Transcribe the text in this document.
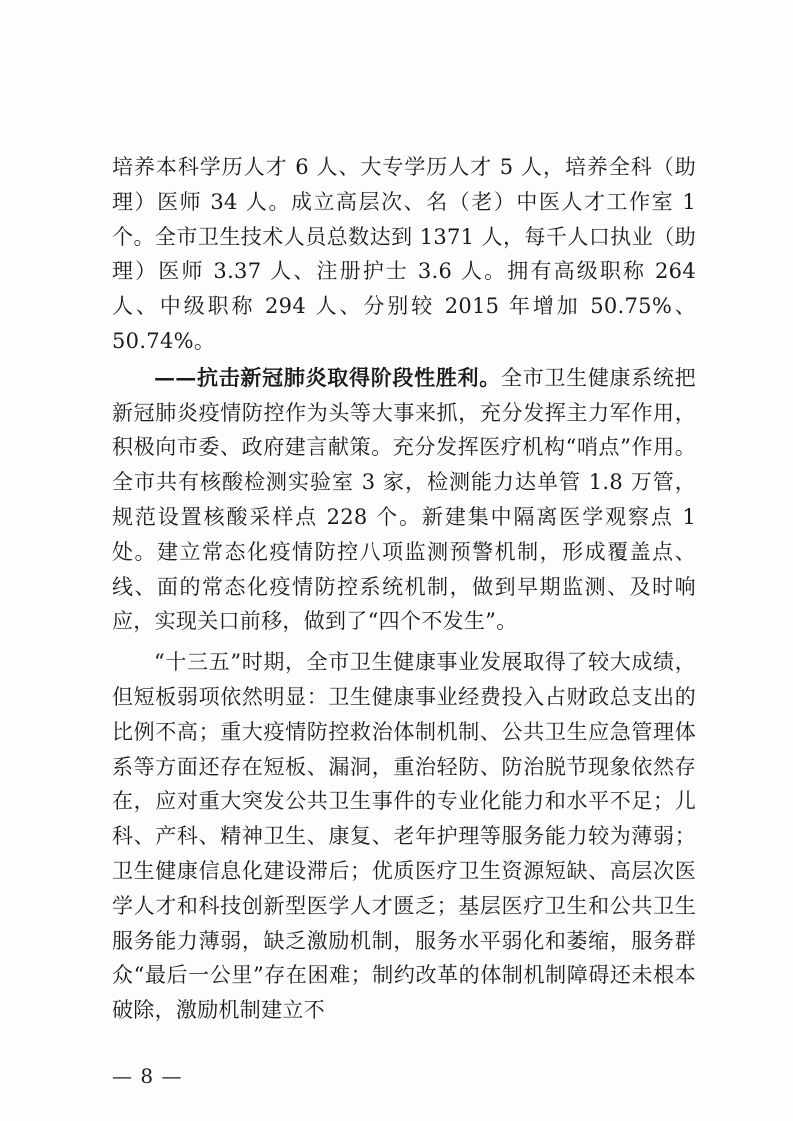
培养本科学历人才 6 人、大专学历人才 5 人，培养全科（助理）医师 34 人。成立高层次、名（老）中医人才工作室 1 个。全市卫生技术人员总数达到 1371 人，每千人口执业（助理）医师 3.37 人、注册护士 3.6 人。拥有高级职称 264 人、中级职称 294 人、分别较 2015 年增加 50.75%、50.74%。

——抗击新冠肺炎取得阶段性胜利。全市卫生健康系统把新冠肺炎疫情防控作为头等大事来抓，充分发挥主力军作用，积极向市委、政府建言献策。充分发挥医疗机构“哨点”作用。全市共有核酸检测实验室 3 家，检测能力达单管 1.8 万管，规范设置核酸采样点 228 个。新建集中隔离医学观察点 1 处。建立常态化疫情防控八项监测预警机制，形成覆盖点、线、面的常态化疫情防控系统机制，做到早期监测、及时响应，实现关口前移，做到了“四个不发生”。

“十三五”时期，全市卫生健康事业发展取得了较大成绩，但短板弱项依然明显：卫生健康事业经费投入占财政总支出的比例不高；重大疫情防控救治体制机制、公共卫生应急管理体系等方面还存在短板、漏洞，重治轻防、防治脱节现象依然存在，应对重大突发公共卫生事件的专业化能力和水平不足；儿科、产科、精神卫生、康复、老年护理等服务能力较为薄弱；卫生健康信息化建设滞后；优质医疗卫生资源短缺、高层次医学人才和科技创新型医学人才匮乏；基层医疗卫生和公共卫生服务能力薄弱，缺乏激励机制，服务水平弱化和萎缩，服务群众“最后一公里”存在困难；制约改革的体制机制障碍还未根本破除，激励机制建立不

— 8 —
